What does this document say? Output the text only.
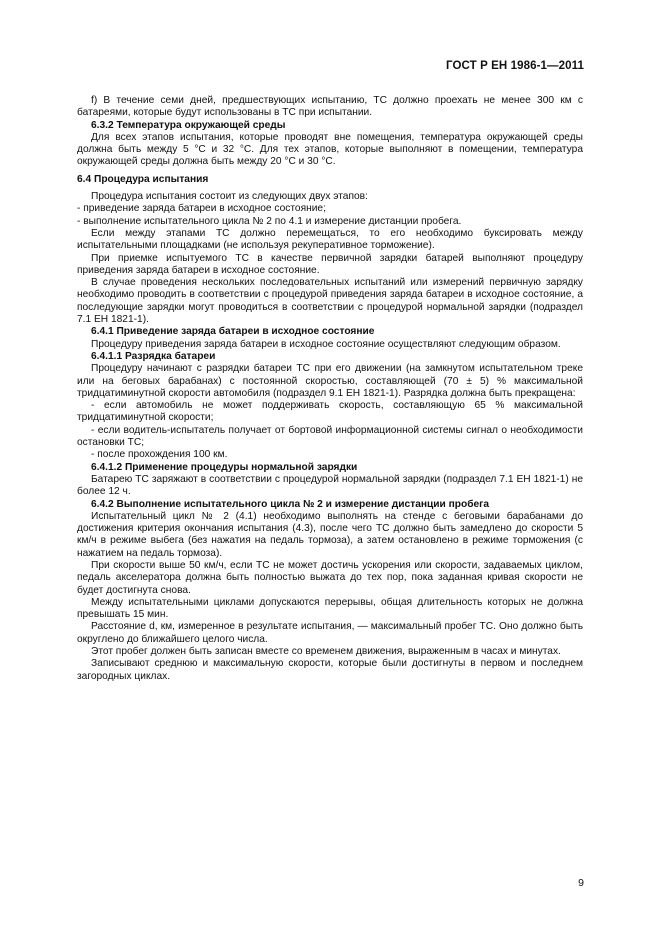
ГОСТ Р ЕН 1986-1—2011

f) В течение семи дней, предшествующих испытанию, ТС должно проехать не менее 300 км с батареями, которые будут использованы в ТС при испытании.

6.3.2 Температура окружающей среды

Для всех этапов испытания, которые проводят вне помещения, температура окружающей среды должна быть между 5 °C и 32 °C. Для тех этапов, которые выполняют в помещении, температура окружающей среды должна быть между 20 °C и 30 °C.

6.4 Процедура испытания

Процедура испытания состоит из следующих двух этапов:

- приведение заряда батареи в исходное состояние;

- выполнение испытательного цикла № 2 по 4.1 и измерение дистанции пробега.

Если между этапами ТС должно перемещаться, то его необходимо буксировать между испытательными площадками (не используя рекуперативное торможение).

При приемке испытуемого ТС в качестве первичной зарядки батарей выполняют процедуру приведения заряда батареи в исходное состояние.

В случае проведения нескольких последовательных испытаний или измерений первичную зарядку необходимо проводить в соответствии с процедурой приведения заряда батареи в исходное состояние, а последующие зарядки могут проводиться в соответствии с процедурой нормальной зарядки (подраздел 7.1 ЕН 1821-1).

6.4.1 Приведение заряда батареи в исходное состояние

Процедуру приведения заряда батареи в исходное состояние осуществляют следующим образом.

6.4.1.1 Разрядка батареи

Процедуру начинают с разрядки батареи ТС при его движении (на замкнутом испытательном треке или на беговых барабанах) с постоянной скоростью, составляющей (70 ± 5) % максимальной тридцатиминутной скорости автомобиля (подраздел 9.1 ЕН 1821-1). Разрядка должна быть прекращена:

- если автомобиль не может поддерживать скорость, составляющую 65 % максимальной тридцатиминутной скорости;

- если водитель-испытатель получает от бортовой информационной системы сигнал о необходимости остановки ТС;

- после прохождения 100 км.

6.4.1.2 Применение процедуры нормальной зарядки

Батарею ТС заряжают в соответствии с процедурой нормальной зарядки (подраздел 7.1 ЕН 1821-1) не более 12 ч.

6.4.2 Выполнение испытательного цикла № 2 и измерение дистанции пробега

Испытательный цикл № 2 (4.1) необходимо выполнять на стенде с беговыми барабанами до достижения критерия окончания испытания (4.3), после чего ТС должно быть замедлено до скорости 5 км/ч в режиме выбега (без нажатия на педаль тормоза), а затем остановлено в режиме торможения (с нажатием на педаль тормоза).

При скорости выше 50 км/ч, если ТС не может достичь ускорения или скорости, задаваемых циклом, педаль акселератора должна быть полностью выжата до тех пор, пока заданная кривая скорости не будет достигнута снова.

Между испытательными циклами допускаются перерывы, общая длительность которых не должна превышать 15 мин.

Расстояние d, км, измеренное в результате испытания, — максимальный пробег ТС. Оно должно быть округлено до ближайшего целого числа.

Этот пробег должен быть записан вместе со временем движения, выраженным в часах и минутах.

Записывают среднюю и максимальную скорости, которые были достигнуты в первом и последнем загородных циклах.

9
